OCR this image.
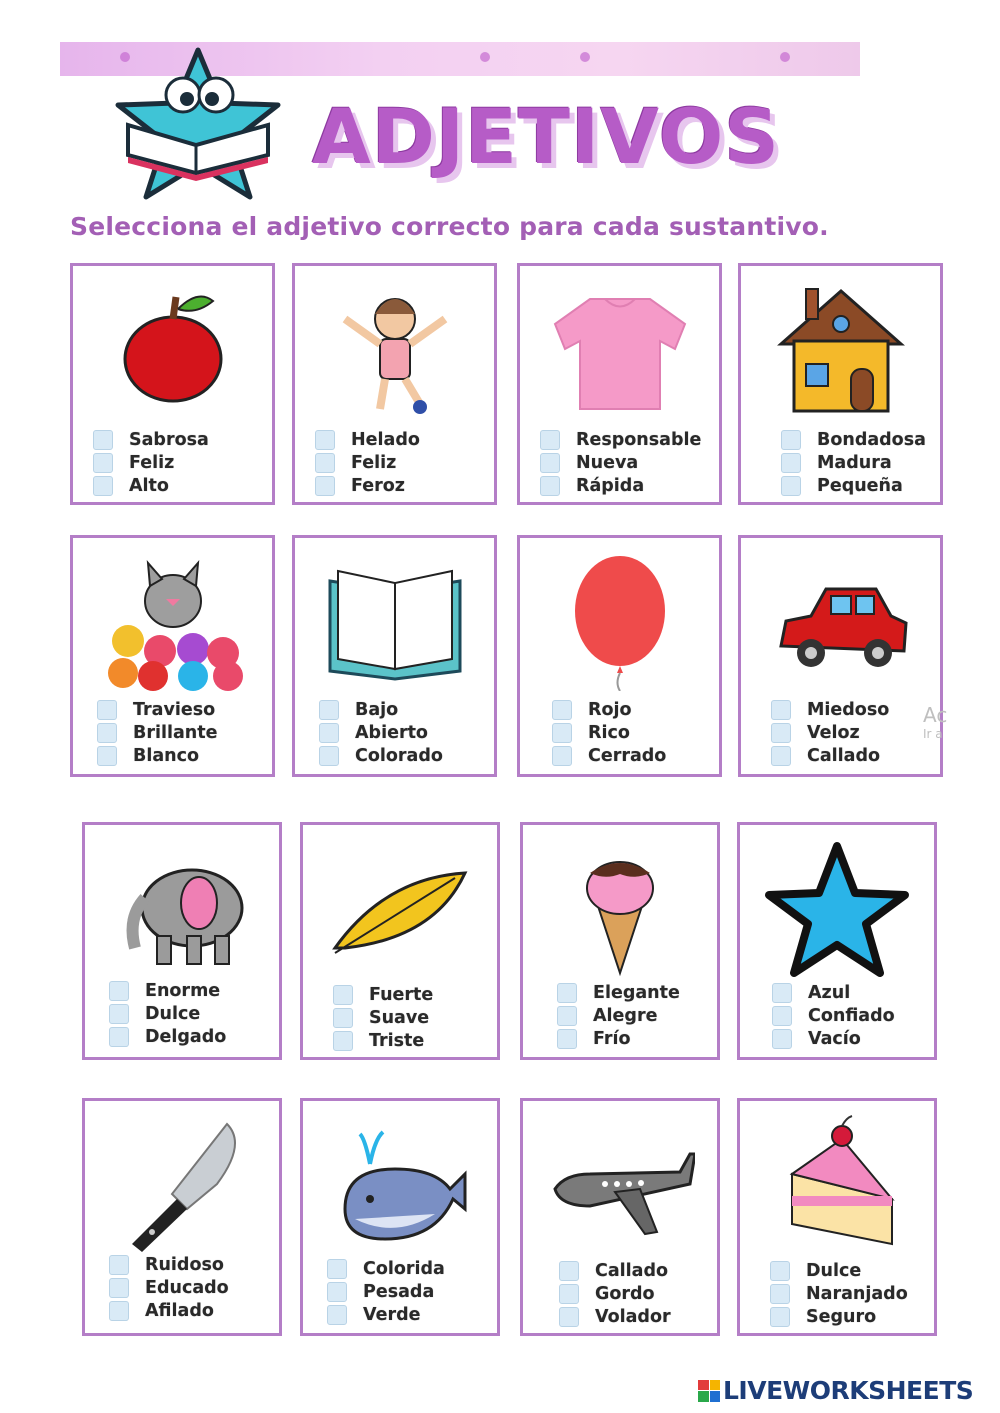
ADJETIVOS
Selecciona el adjetivo correcto para cada sustantivo.
Sabrosa
Feliz
Alto
Helado
Feliz
Feroz
Responsable
Nueva
Rápida
Bondadosa
Madura
Pequeña
Travieso
Brillante
Blanco
Bajo
Abierto
Colorado
Rojo
Rico
Cerrado
Miedoso
Veloz
Callado
Enorme
Dulce
Delgado
Fuerte
Suave
Triste
Elegante
Alegre
Frío
Azul
Confiado
Vacío
Ruidoso
Educado
Afilado
Colorida
Pesada
Verde
Callado
Gordo
Volador
Dulce
Naranjado
Seguro
Ac
Ir a
LIVEWORKSHEETS
